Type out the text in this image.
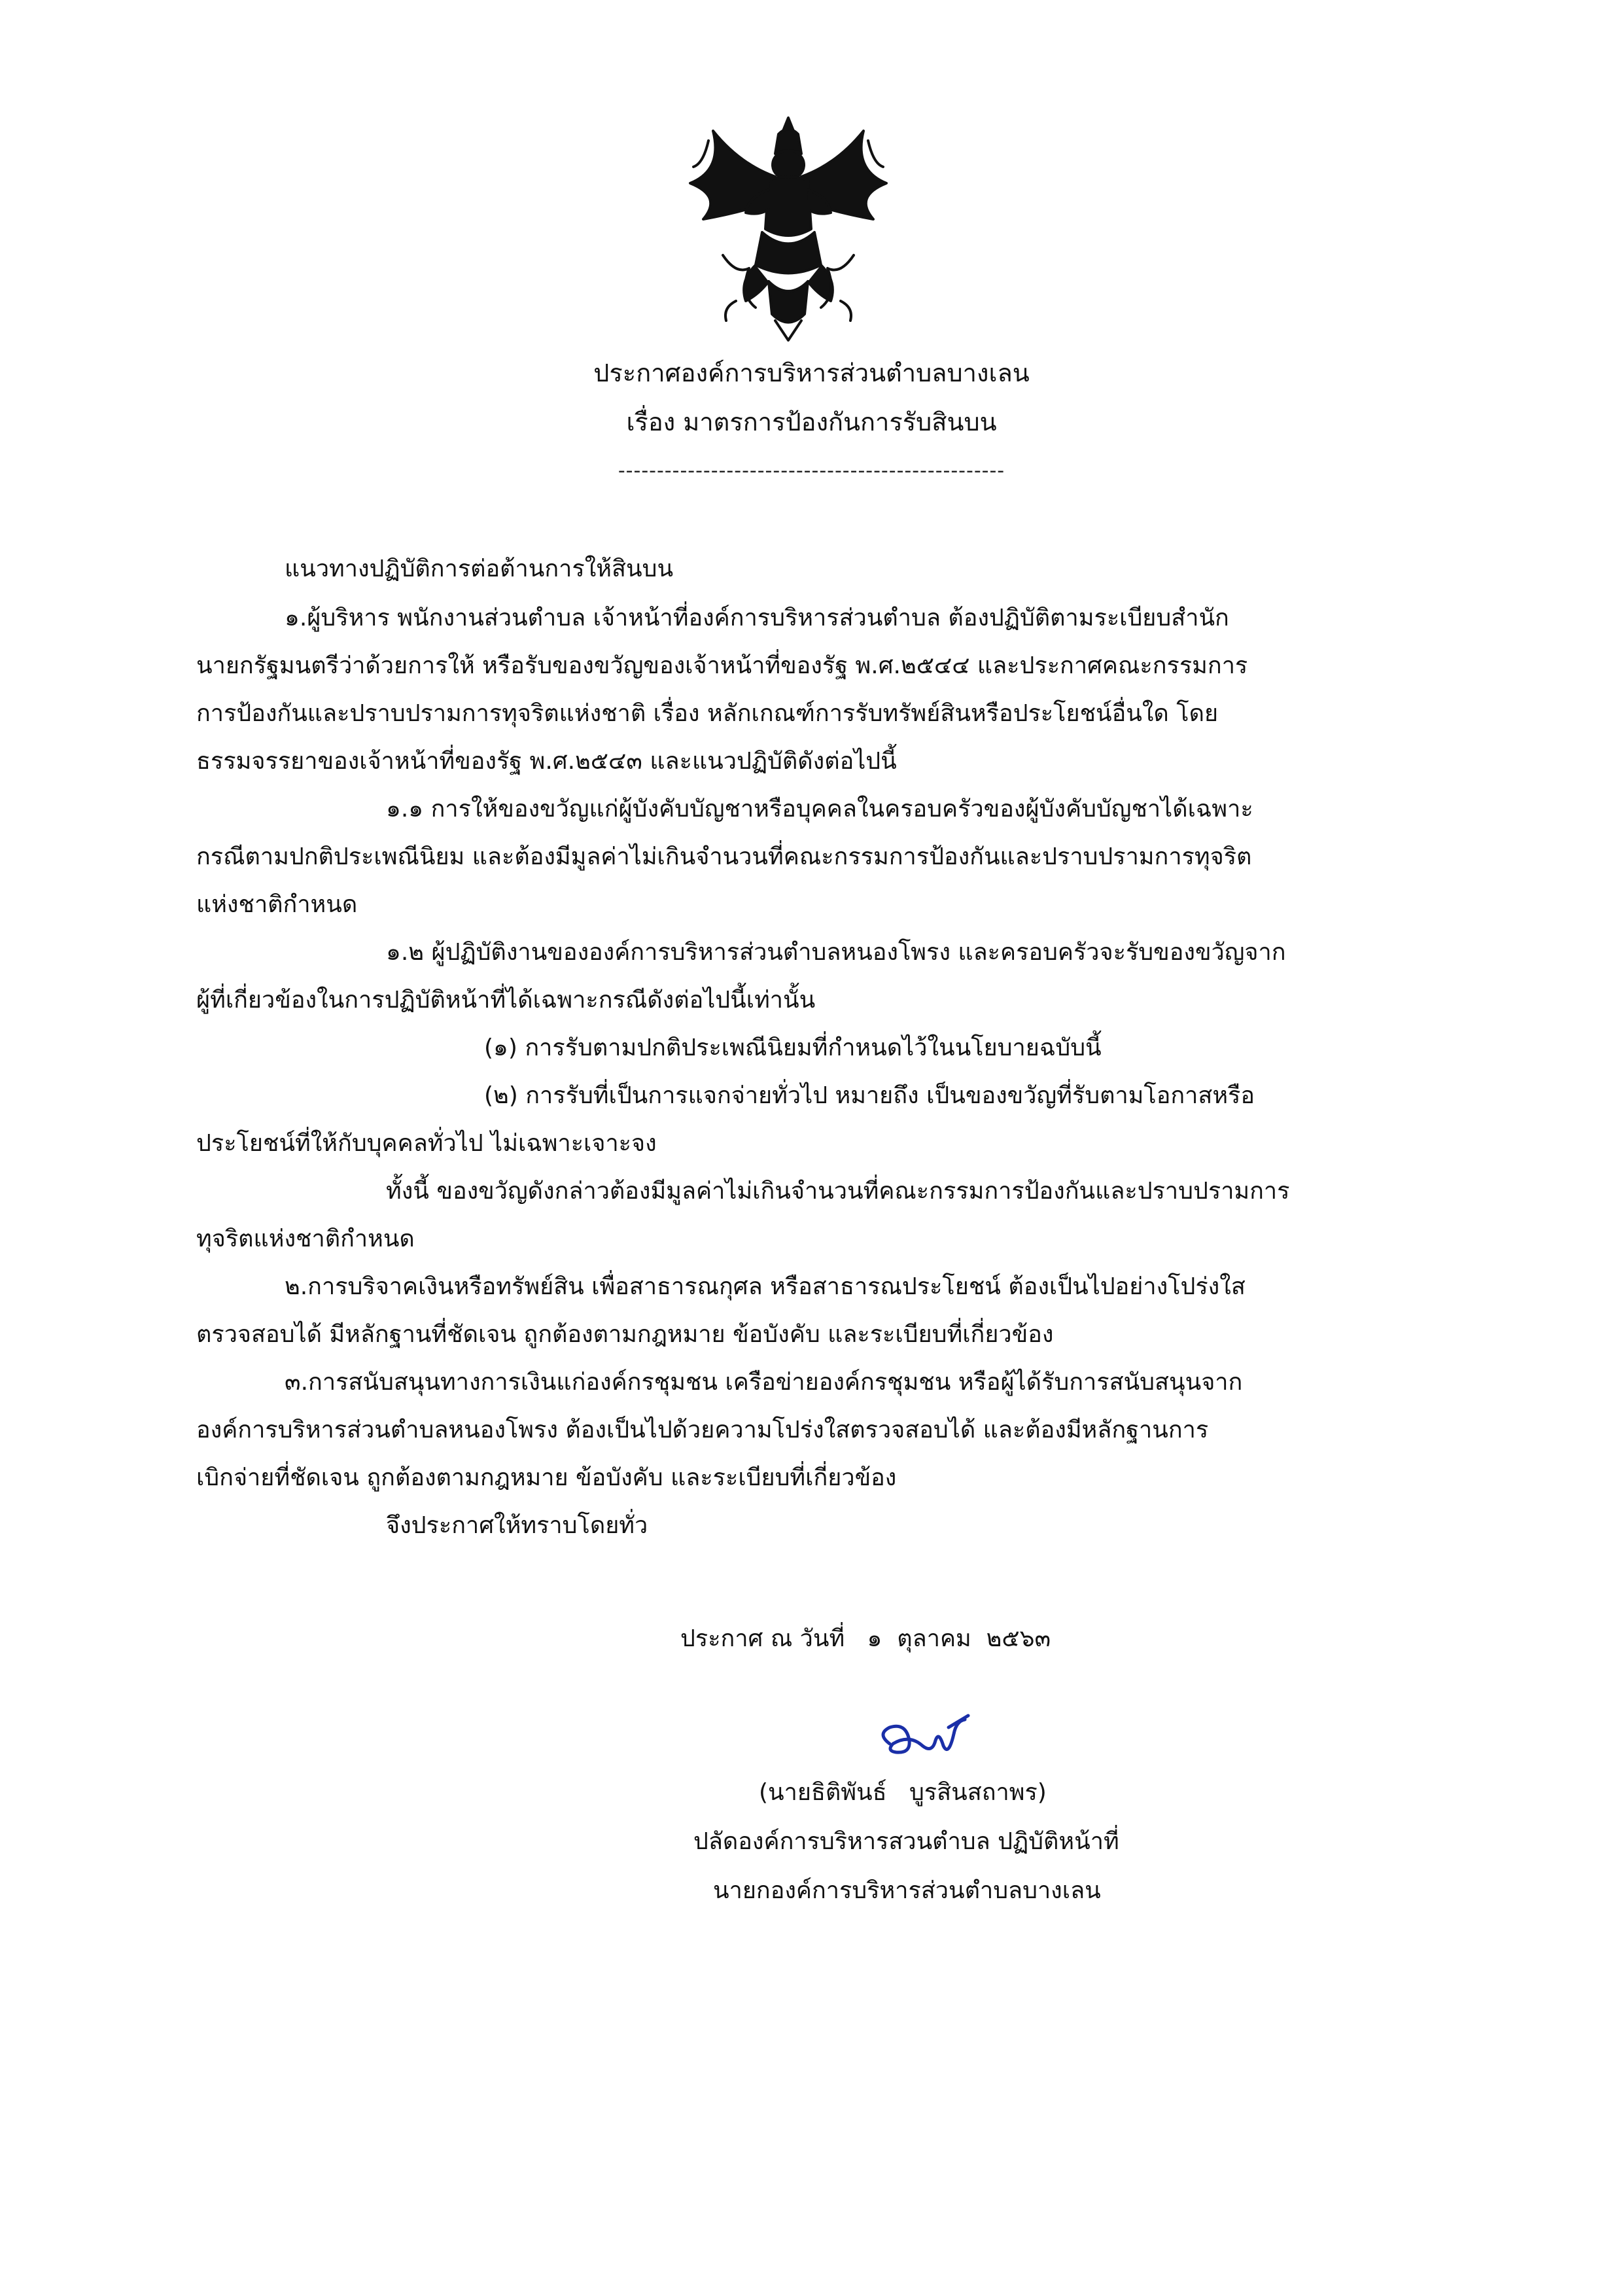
ประกาศองค์การบริหารส่วนตำบลบางเลน
เรื่อง มาตรการป้องกันการรับสินบน
--------------------------------------------------
แนวทางปฏิบัติการต่อต้านการให้สินบน
๑.ผู้บริหาร พนักงานส่วนตำบล เจ้าหน้าที่องค์การบริหารส่วนตำบล ต้องปฏิบัติตามระเบียบสำนัก
นายกรัฐมนตรีว่าด้วยการให้ หรือรับของขวัญของเจ้าหน้าที่ของรัฐ พ.ศ.๒๕๔๔ และประกาศคณะกรรมการ
การป้องกันและปราบปรามการทุจริตแห่งชาติ เรื่อง หลักเกณฑ์การรับทรัพย์สินหรือประโยชน์อื่นใด โดย
ธรรมจรรยาของเจ้าหน้าที่ของรัฐ พ.ศ.๒๕๔๓ และแนวปฏิบัติดังต่อไปนี้
๑.๑ การให้ของขวัญแก่ผู้บังคับบัญชาหรือบุคคลในครอบครัวของผู้บังคับบัญชาได้เฉพาะ
กรณีตามปกติประเพณีนิยม และต้องมีมูลค่าไม่เกินจำนวนที่คณะกรรมการป้องกันและปราบปรามการทุจริต
แห่งชาติกำหนด
๑.๒ ผู้ปฏิบัติงานขององค์การบริหารส่วนตำบลหนองโพรง และครอบครัวจะรับของขวัญจาก
ผู้ที่เกี่ยวข้องในการปฏิบัติหน้าที่ได้เฉพาะกรณีดังต่อไปนี้เท่านั้น
(๑) การรับตามปกติประเพณีนิยมที่กำหนดไว้ในนโยบายฉบับนี้
(๒) การรับที่เป็นการแจกจ่ายทั่วไป หมายถึง เป็นของขวัญที่รับตามโอกาสหรือ
ประโยชน์ที่ให้กับบุคคลทั่วไป ไม่เฉพาะเจาะจง
ทั้งนี้ ของขวัญดังกล่าวต้องมีมูลค่าไม่เกินจำนวนที่คณะกรรมการป้องกันและปราบปรามการ
ทุจริตแห่งชาติกำหนด
๒.การบริจาคเงินหรือทรัพย์สิน เพื่อสาธารณกุศล หรือสาธารณประโยชน์ ต้องเป็นไปอย่างโปร่งใส
ตรวจสอบได้ มีหลักฐานที่ชัดเจน ถูกต้องตามกฎหมาย ข้อบังคับ และระเบียบที่เกี่ยวข้อง
๓.การสนับสนุนทางการเงินแก่องค์กรชุมชน เครือข่ายองค์กรชุมชน หรือผู้ได้รับการสนับสนุนจาก
องค์การบริหารส่วนตำบลหนองโพรง ต้องเป็นไปด้วยความโปร่งใสตรวจสอบได้ และต้องมีหลักฐานการ
เบิกจ่ายที่ชัดเจน ถูกต้องตามกฎหมาย ข้อบังคับ และระเบียบที่เกี่ยวข้อง
จึงประกาศให้ทราบโดยทั่ว
ประกาศ ณ วันที่   ๑  ตุลาคม  ๒๕๖๓
(นายธิติพันธ์   บูรสินสถาพร)
ปลัดองค์การบริหารสวนตำบล ปฏิบัติหน้าที่
นายกองค์การบริหารส่วนตำบลบางเลน
